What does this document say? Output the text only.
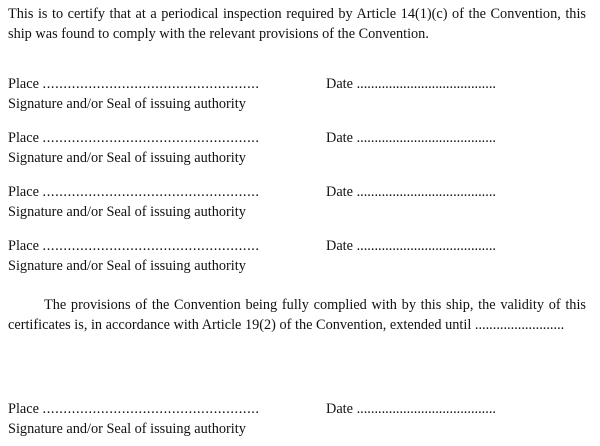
This is to certify that at a periodical inspection required by Article 14(1)(c) of the Convention, this ship was found to comply with the relevant provisions of the Convention.
Place ....................................................	Date .......................................
Signature and/or Seal of issuing authority
Place ....................................................	Date .......................................
Signature and/or Seal of issuing authority
Place ....................................................	Date .......................................
Signature and/or Seal of issuing authority
Place ....................................................	Date .......................................
Signature and/or Seal of issuing authority
The provisions of the Convention being fully complied with by this ship, the validity of this certificates is, in accordance with Article 19(2) of the Convention, extended until .........................
Place ....................................................	Date .......................................
Signature and/or Seal of issuing authority
